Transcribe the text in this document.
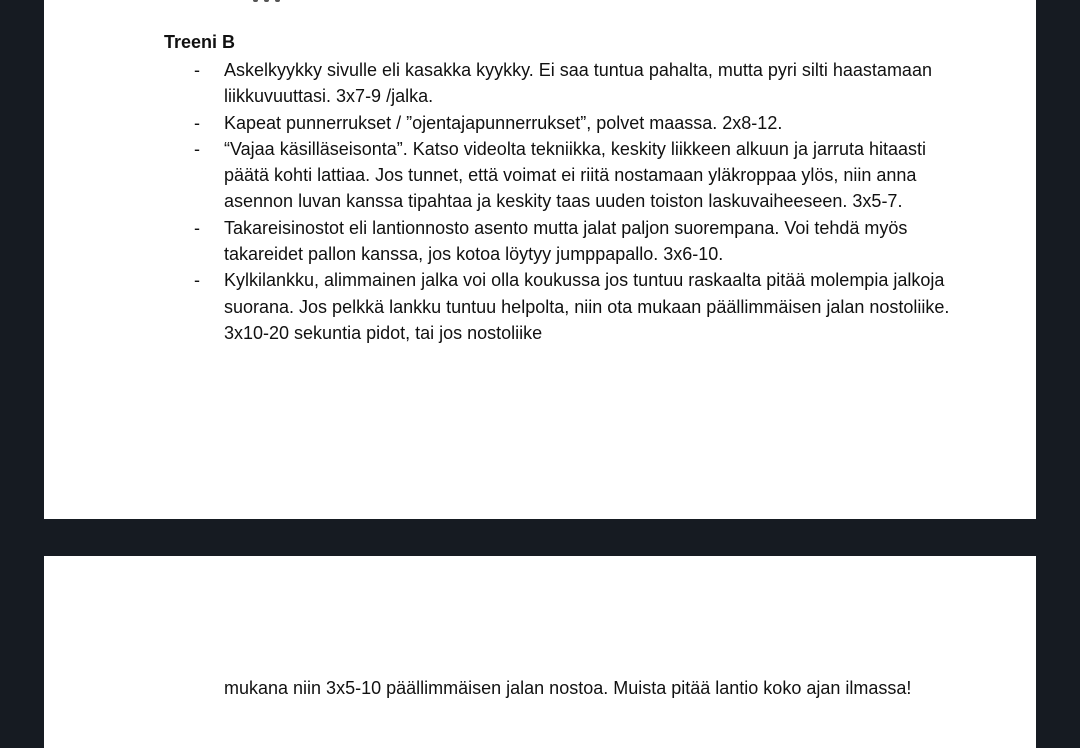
Treeni B
- Askelkyykky sivulle eli kasakka kyykky. Ei saa tuntua pahalta, mutta pyri silti haastamaan liikkuvuuttasi. 3x7-9 /jalka.
- Kapeat punnerrukset / ”ojentajapunnerrukset”, polvet maassa. 2x8-12.
- “Vajaa käsilläseisonta”. Katso videolta tekniikka, keskity liikkeen alkuun ja jarruta hitaasti päätä kohti lattiaa. Jos tunnet, että voimat ei riitä nostamaan yläkroppaa ylös, niin anna asennon luvan kanssa tipahtaa ja keskity taas uuden toiston laskuvaiheeseen. 3x5-7.
- Takareisinostot eli lantionnosto asento mutta jalat paljon suorempana. Voi tehdä myös takareidet pallon kanssa, jos kotoa löytyy jumppapallo. 3x6-10.
- Kylkilankku, alimmainen jalka voi olla koukussa jos tuntuu raskaalta pitää molempia jalkoja suorana. Jos pelkkä lankku tuntuu helpolta, niin ota mukaan päällimmäisen jalan nostoliike. 3x10-20 sekuntia pidot, tai jos nostoliike

mukana niin 3x5-10 päällimmäisen jalan nostoa. Muista pitää lantio koko ajan ilmassa!
